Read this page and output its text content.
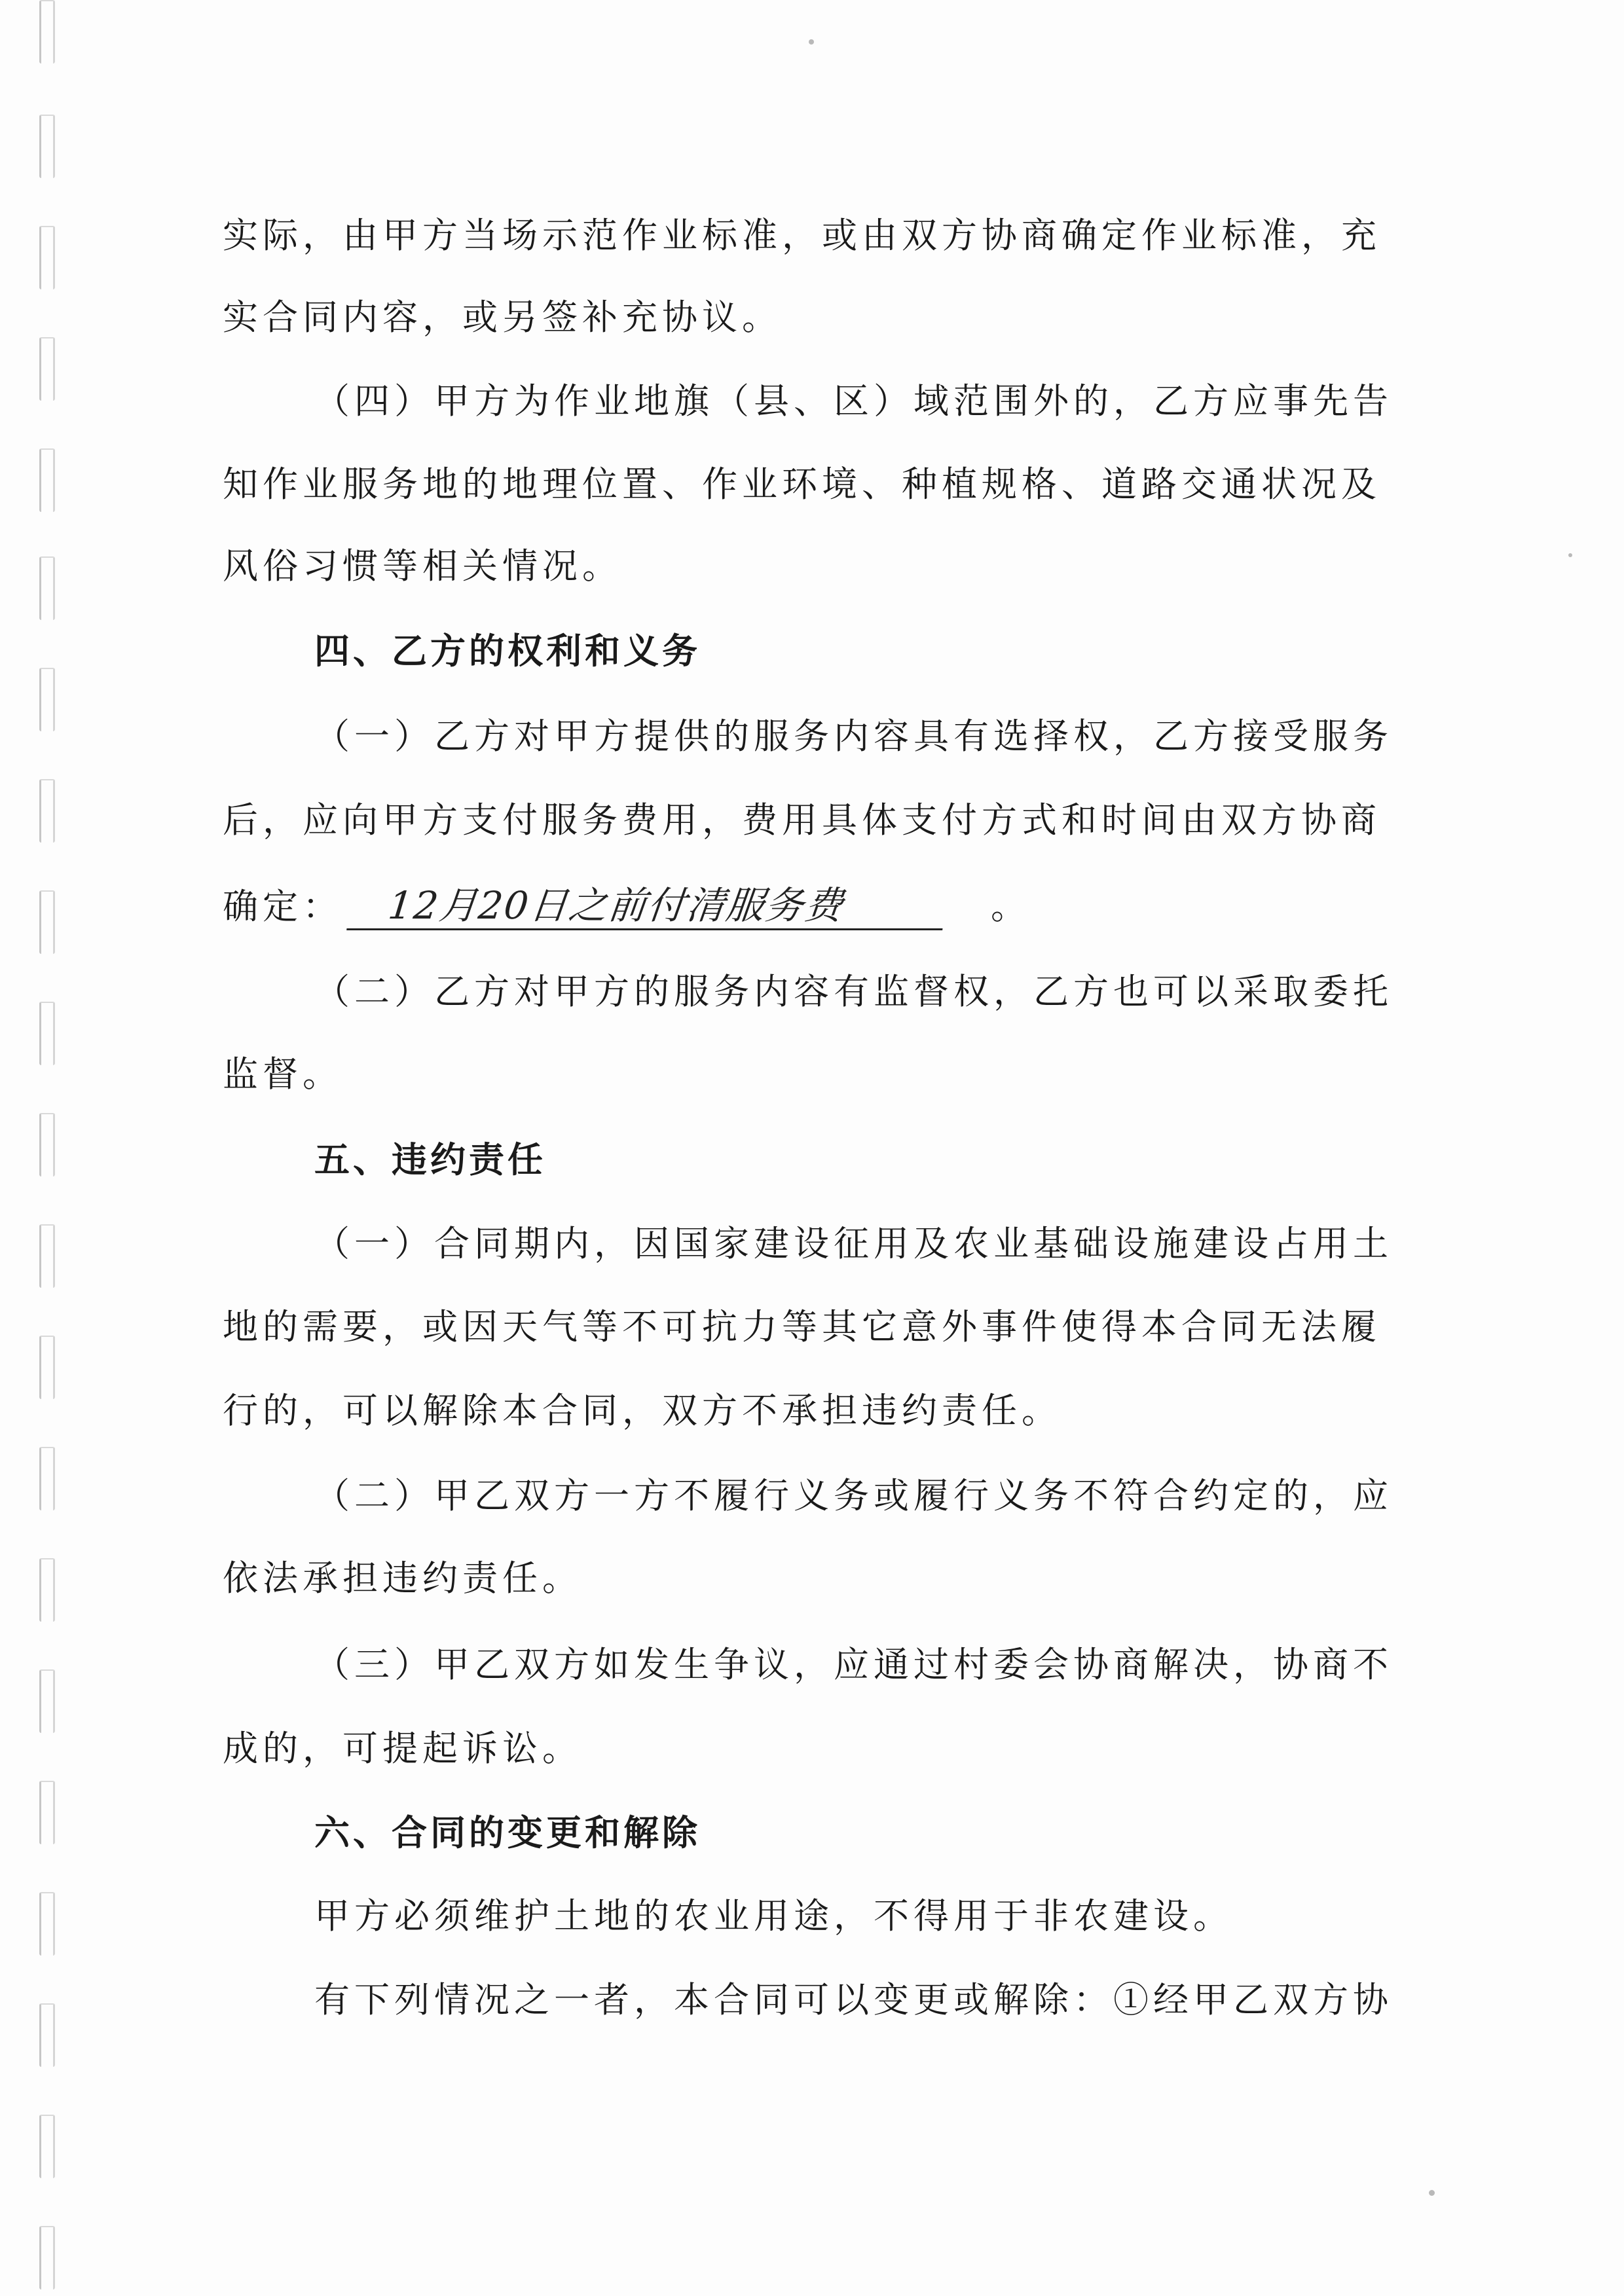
实际，由甲方当场示范作业标准，或由双方协商确定作业标准，充
实合同内容，或另签补充协议。
（四）甲方为作业地旗（县、区）域范围外的，乙方应事先告
知作业服务地的地理位置、作业环境、种植规格、道路交通状况及
风俗习惯等相关情况。
四、乙方的权利和义务
（一）乙方对甲方提供的服务内容具有选择权，乙方接受服务
后，应向甲方支付服务费用，费用具体支付方式和时间由双方协商
确定： 12月20日之前付清服务费	。
（二）乙方对甲方的服务内容有监督权，乙方也可以采取委托
监督。
五、违约责任
（一）合同期内，因国家建设征用及农业基础设施建设占用土
地的需要，或因天气等不可抗力等其它意外事件使得本合同无法履
行的，可以解除本合同，双方不承担违约责任。
（二）甲乙双方一方不履行义务或履行义务不符合约定的，应
依法承担违约责任。
（三）甲乙双方如发生争议，应通过村委会协商解决，协商不
成的，可提起诉讼。
六、合同的变更和解除
甲方必须维护土地的农业用途，不得用于非农建设。
有下列情况之一者，本合同可以变更或解除：①经甲乙双方协
